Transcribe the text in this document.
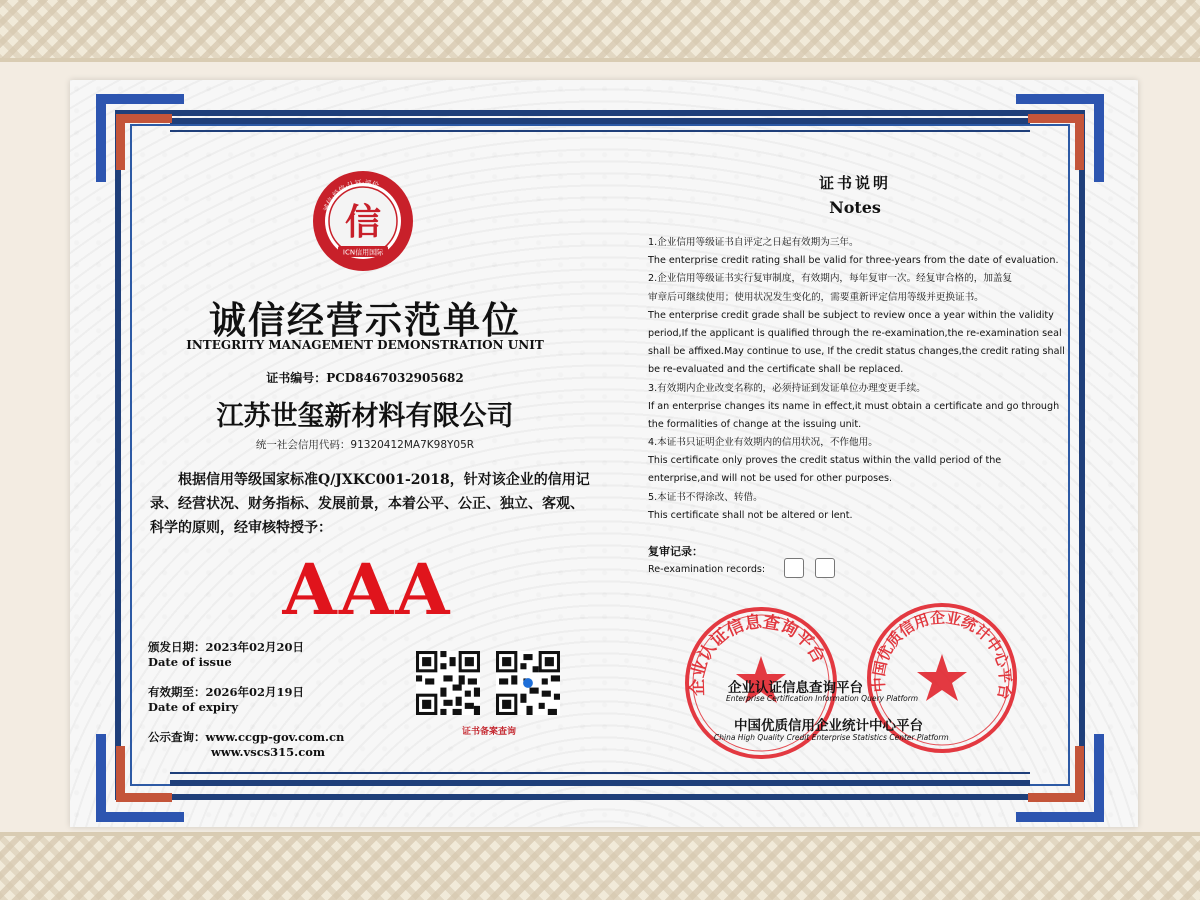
诚信·经信·认证·评价
信
ICN信用国际
诚信经营示范单位
INTEGRITY MANAGEMENT DEMONSTRATION UNIT
证书编号：PCD8467032905682
江苏世玺新材料有限公司
统一社会信用代码：91320412MA7K98Y05R
根据信用等级国家标准Q/JXKC001-2018，针对该企业的信用记录、经营状况、财务指标、发展前景，本着公平、公正、独立、客观、科学的原则，经审核特授予：
AAA
颁发日期：2023年02月20日
Date of issue
有效期至：2026年02月19日
Date of expiry
公示查询：www.ccgp-gov.com.cn
www.vscs315.com
证书备案查询
证书说明
Notes
1.企业信用等级证书自评定之日起有效期为三年。
The enterprise credit rating shall be valid for three-years from the date of evaluation.
2.企业信用等级证书实行复审制度，有效期内，每年复审一次。经复审合格的，加盖复
审章后可继续使用；使用状况发生变化的，需要重新评定信用等级并更换证书。
The enterprise credit grade shall be subject to review once a year within the validity
period,If the applicant is qualified through the re-examination,the re-examination seal
shall be affixed.May continue to use, If the credit status changes,the credit rating shall
be re-evaluated and the certificate shall be replaced.
3.有效期内企业改变名称的，必须持证到发证单位办理变更手续。
If an enterprise changes its name in effect,it must obtain a certificate and go through
the formalities of change at the issuing unit.
4.本证书只证明企业有效期内的信用状况，不作他用。
This certificate only proves the credit status within the valld period of the
enterprise,and will not be used for other purposes.
5.本证书不得涂改、转借。
This certificate shall not be altered or lent.
复审记录：
Re-examination records:
企业认证信息查询平台
中国优质信用企业统计中心平台
企业认证信息查询平台
Enterprise Certification Information Query Platform
中国优质信用企业统计中心平台
China High Quality Credit Enterprise Statistics Center Platform
